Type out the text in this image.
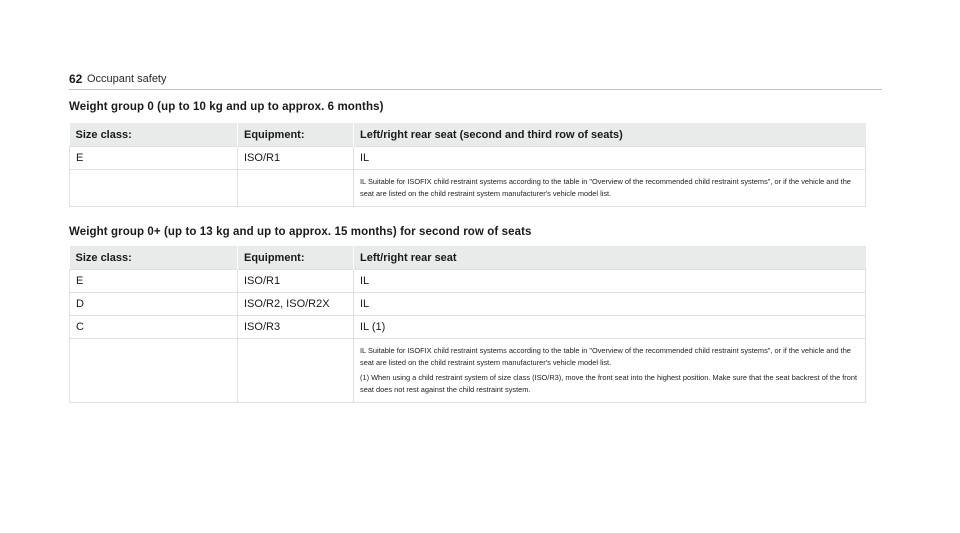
62 Occupant safety
Weight group 0 (up to 10 kg and up to approx. 6 months)
Size class:	Equipment:	Left/right rear seat (second and third row of seats)
E	ISO/R1	IL

		IL Suitable for ISOFIX child restraint systems according to the table in "Overview of the recommended child restraint systems", or if the vehicle and the seat are listed on the child restraint system manufacturer's vehicle model list.

Weight group 0+ (up to 13 kg and up to approx. 15 months) for second row of seats
Size class:	Equipment:	Left/right rear seat
E	ISO/R1	IL
D	ISO/R2, ISO/R2X	IL
C	ISO/R3	IL (1)

		IL Suitable for ISOFIX child restraint systems according to the table in "Overview of the recommended child restraint systems", or if the vehicle and the seat are listed on the child restraint system manufacturer's vehicle model list.

(1) When using a child restraint system of size class (ISO/R3), move the front seat into the highest position. Make sure that the seat backrest of the front seat does not rest against the child restraint system.
